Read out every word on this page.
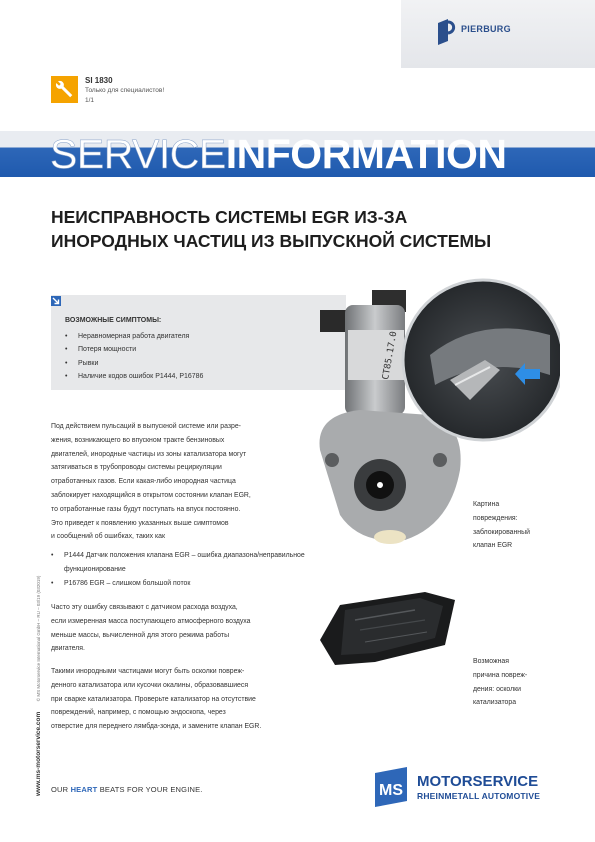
PIERBURG
SI 1830
Только для специалистов!
1/1
SERVICEINFORMATION
НЕИСПРАВНОСТЬ СИСТЕМЫ EGR ИЗ-ЗА
ИНОРОДНЫХ ЧАСТИЦ ИЗ ВЫПУСКНОЙ СИСТЕМЫ
ВОЗМОЖНЫЕ СИМПТОМЫ:
• Неравномерная работа двигателя
• Потеря мощности
• Рывки
• Наличие кодов ошибок P1444, P16786
Под действием пульсаций в выпускной системе или разре-
жения, возникающего во впускном тракте бензиновых
двигателей, инородные частицы из зоны катализатора могут
затягиваться в трубопроводы системы рециркуляции
отработанных газов. Если какая-либо инородная частица
заблокирует находящийся в открытом состоянии клапан EGR,
то отработанные газы будут поступать на впуск постоянно.
Это приведет к появлению указанных выше симптомов
и сообщений об ошибках, таких как
• P1444 Датчик положения клапана EGR – ошибка диапазона/неправильное функционирование
• P16786 EGR – слишком большой поток
Часто эту ошибку связывают с датчиком расхода воздуха,
если измеренная масса поступающего атмосферного воздуха
меньше массы, вычисленной для этого режима работы
двигателя.
Такими инородными частицами могут быть осколки повреж-
денного катализатора или кусочки окалины, образовавшиеся
при сварке катализатора. Проверьте катализатор на отсутствие
повреждений, например, с помощью эндоскопа, через
отверстие для переднего лямбда-зонда, и замените клапан EGR.
CT85.17.0
Картина
повреждения:
заблокированный
клапан EGR
Возможная
причина повреж-
дения: осколки
катализатора
www.ms-motorservice.com © MS Motorservice International GmbH – RU – 03/19 (032019)
OUR HEART BEATS FOR YOUR ENGINE.	MS
MOTORSERVICE
RHEINMETALL AUTOMOTIVE
